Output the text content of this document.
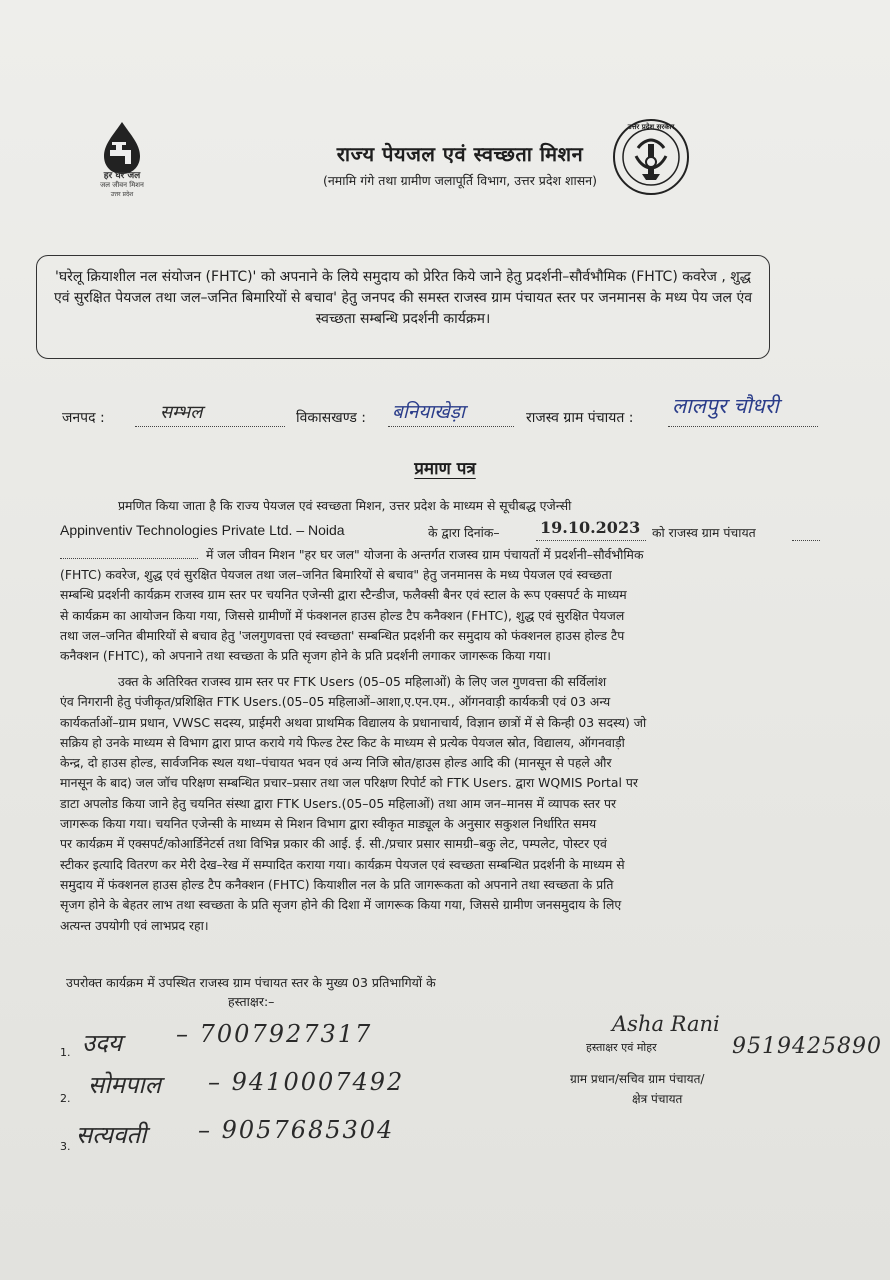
हर घर जल
जल जीवन मिशन
उत्तर प्रदेश
उत्तर प्रदेश सरकार
राज्य पेयजल एवं स्वच्छता मिशन
(नमामि गंगे तथा ग्रामीण जलापूर्ति विभाग, उत्तर प्रदेश शासन)
'घरेलू क्रियाशील नल संयोजन (FHTC)' को अपनाने के लिये समुदाय को प्रेरित किये जाने हेतु प्रदर्शनी–सौर्वभौमिक (FHTC) कवरेज , शुद्ध एवं सुरक्षित पेयजल तथा जल–जनित बिमारियों से बचाव' हेतु जनपद की समस्त राजस्व ग्राम पंचायत स्तर पर जनमानस के मध्य पेय जल एंव स्वच्छता सम्बन्धि प्रदर्शनी कार्यक्रम।
जनपद :	सम्भल	विकासखण्ड : बनियाखेड़ा	राजस्व ग्राम पंचायत : लालपुर चौधरी
प्रमाण पत्र
प्रमणित किया जाता है कि राज्य पेयजल एवं स्वच्छता मिशन, उत्तर प्रदेश के माध्यम से सूचीबद्ध एजेन्सी
Appinventiv Technologies Private Ltd. – Noida	के द्वारा दिनांक–	19.10.2023 को राजस्व ग्राम पंचायत
में जल जीवन मिशन "हर घर जल" योजना के अन्तर्गत राजस्व ग्राम पंचायतों में प्रदर्शनी–सौर्वभौमिक
(FHTC) कवरेज, शुद्ध एवं सुरक्षित पेयजल तथा जल–जनित बिमारियों से बचाव" हेतु जनमानस के मध्य पेयजल एवं स्वच्छता
सम्बन्धि प्रदर्शनी कार्यक्रम राजस्व ग्राम स्तर पर चयनित एजेन्सी द्वारा स्टैन्डीज, फलैक्सी बैनर एवं स्टाल के रूप एक्सपर्ट के माध्यम
से कार्यक्रम का आयोजन किया गया, जिससे ग्रामीणों में फंक्शनल हाउस होल्ड टैप कनैक्शन (FHTC), शुद्ध एवं सुरक्षित पेयजल
तथा जल–जनित बीमारियों से बचाव हेतु 'जलगुणवत्ता एवं स्वच्छता' सम्बन्धित प्रदर्शनी कर समुदाय को फंक्शनल हाउस होल्ड टैप
कनैक्शन (FHTC), को अपनाने तथा स्वच्छता के प्रति सृजग होने के प्रति प्रदर्शनी लगाकर जागरूक किया गया।
उक्त के अतिरिक्त राजस्व ग्राम स्तर पर FTK Users (05–05 महिलाओं) के लिए जल गुणवत्ता की सर्विलांश
एंव निगरानी हेतु पंजीकृत/प्रशिक्षित FTK Users.(05–05 महिलाओं–आशा,ए.एन.एम., ऑगनवाड़ी कार्यकत्री एवं 03 अन्य
कार्यकर्ताओं–ग्राम प्रधान, VWSC सदस्य, प्राईमरी अथवा प्राथमिक विद्यालय के प्रधानाचार्य, विज्ञान छात्रों में से किन्ही 03 सदस्य) जो
सक्रिय हो उनके माध्यम से विभाग द्वारा प्राप्त कराये गये फिल्ड टेस्ट किट के माध्यम से प्रत्येक पेयजल स्रोत, विद्यालय, ऑगनवाड़ी
केन्द्र, दो हाउस होल्ड, सार्वजनिक स्थल यथा–पंचायत भवन एवं अन्य निजि स्रोत/हाउस होल्ड आदि की (मानसून से पहले और
मानसून के बाद) जल जॉच परिक्षण सम्बन्धित प्रचार–प्रसार तथा जल परिक्षण रिपोर्ट को FTK Users. द्वारा WQMIS Portal पर
डाटा अपलोड किया जाने हेतु चयनित संस्था द्वारा FTK Users.(05–05 महिलाओं) तथा आम जन–मानस में व्यापक स्तर पर
जागरूक किया गया। चयनित एजेन्सी के माध्यम से मिशन विभाग द्वारा स्वीकृत माड्यूल के अनुसार सकुशल निर्धारित समय
पर कार्यक्रम में एक्सपर्ट/कोआर्डिनेटर्स तथा विभिन्न प्रकार की आई. ई. सी./प्रचार प्रसार सामग्री–बकु लेट, पम्पलेट, पोस्टर एवं
स्टीकर इत्यादि वितरण कर मेरी देख–रेख में सम्पादित कराया गया। कार्यक्रम पेयजल एवं स्वच्छता सम्बन्धित प्रदर्शनी के माध्यम से
समुदाय में फंक्शनल हाउस होल्ड टैप कनैक्शन (FHTC) कियाशील नल के प्रति जागरूकता को अपनाने तथा स्वच्छता के प्रति
सृजग होने के बेहतर लाभ तथा स्वच्छता के प्रति सृजग होने की दिशा में जागरूक किया गया, जिससे ग्रामीण जनसमुदाय के लिए
अत्यन्त उपयोगी एवं लाभप्रद रहा।
उपरोक्त कार्यक्रम में उपस्थित राजस्व ग्राम पंचायत स्तर के मुख्य 03 प्रतिभागियों के
हस्ताक्षर:–
1. उदय – 7007927317
2. सोमपाल – 9410007492
3. सत्यवती – 9057685304
Asha Rani
9519425890
हस्ताक्षर एवं मोहर
ग्राम प्रधान/सचिव ग्राम पंचायत/
क्षेत्र पंचायत
